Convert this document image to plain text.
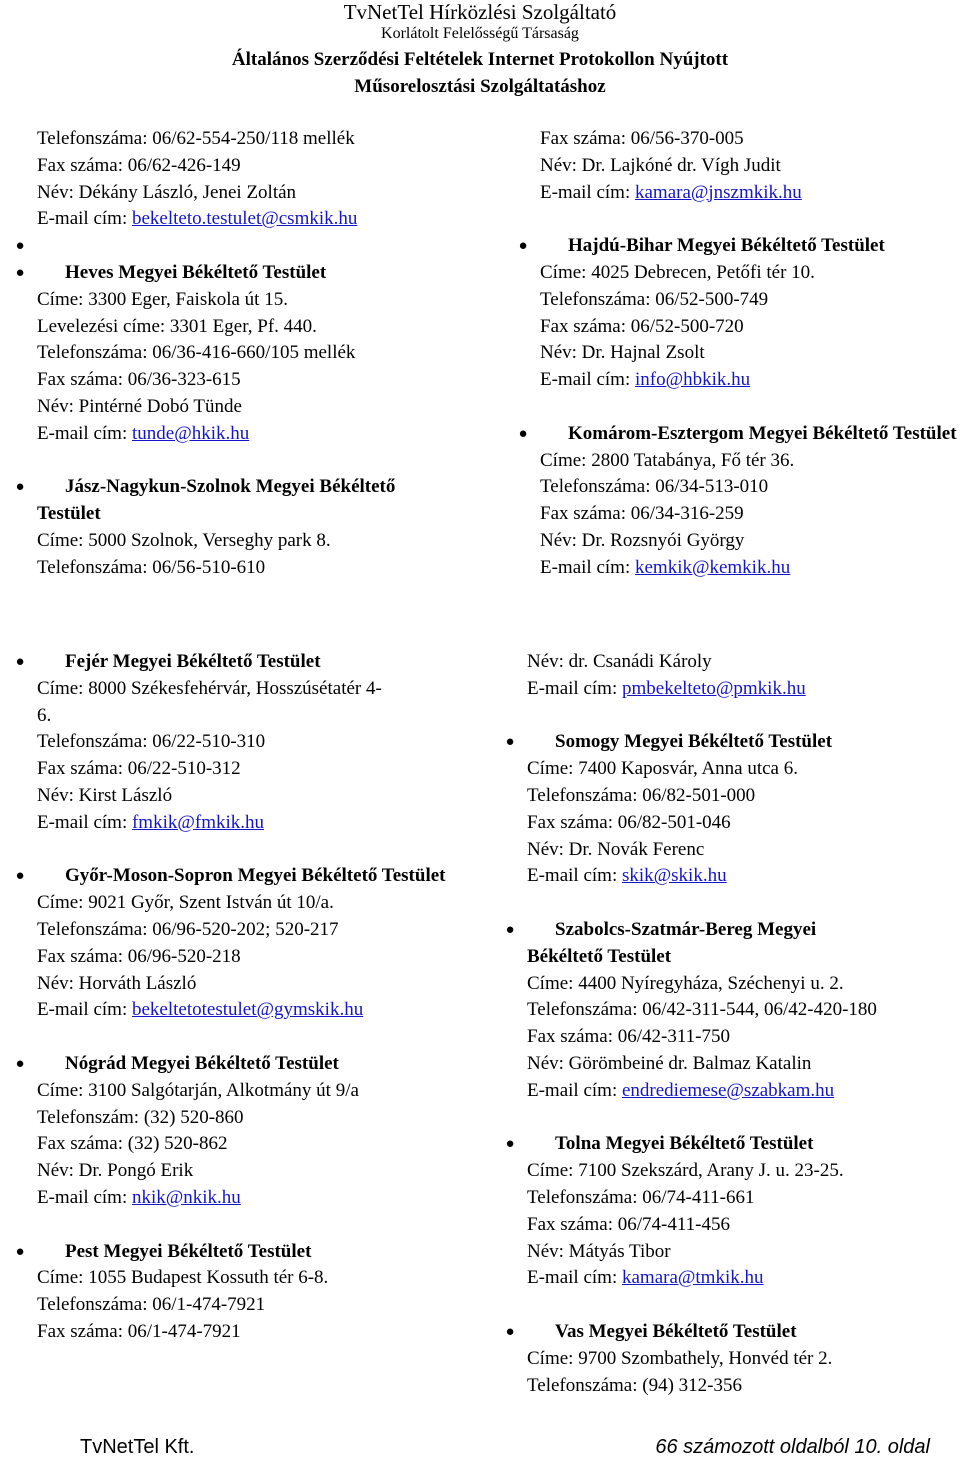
TvNetTel Hírközlési Szolgáltató
Korlátolt Felelősségű Társaság
Általános Szerződési Feltételek Internet Protokollon Nyújtott
Műsorelosztási Szolgáltatáshoz
Telefonszáma: 06/62-554-250/118 mellék
Fax száma: 06/62-426-149
Név: Dékány László, Jenei Zoltán
E-mail cím: bekelteto.testulet@csmkik.hu
●
●	Heves Megyei Békéltető Testület
Címe: 3300 Eger, Faiskola út 15.
Levelezési címe: 3301 Eger, Pf. 440.
Telefonszáma: 06/36-416-660/105 mellék
Fax száma: 06/36-323-615
Név: Pintérné Dobó Tünde
E-mail cím: tunde@hkik.hu
●	Jász-Nagykun-Szolnok Megyei Békéltető Testület
Címe: 5000 Szolnok, Verseghy park 8.
Telefonszáma: 06/56-510-610
Fax száma: 06/56-370-005
Név: Dr. Lajkóné dr. Vígh Judit
E-mail cím: kamara@jnszmkik.hu
●	Hajdú-Bihar Megyei Békéltető Testület
Címe: 4025 Debrecen, Petőfi tér 10.
Telefonszáma: 06/52-500-749
Fax száma: 06/52-500-720
Név: Dr. Hajnal Zsolt
E-mail cím: info@hbkik.hu
●	Komárom-Esztergom Megyei Békéltető Testület
Címe: 2800 Tatabánya, Fő tér 36.
Telefonszáma: 06/34-513-010
Fax száma: 06/34-316-259
Név: Dr. Rozsnyói György
E-mail cím: kemkik@kemkik.hu
●	Fejér Megyei Békéltető Testület
Címe: 8000 Székesfehérvár, Hosszúsétatér 4-
6.
Telefonszáma: 06/22-510-310
Fax száma: 06/22-510-312
Név: Kirst László
E-mail cím: fmkik@fmkik.hu
●	Győr-Moson-Sopron Megyei Békéltető Testület
Címe: 9021 Győr, Szent István út 10/a.
Telefonszáma: 06/96-520-202; 520-217
Fax száma: 06/96-520-218
Név: Horváth László
E-mail cím: bekeltetotestulet@gymskik.hu
●	Nógrád Megyei Békéltető Testület
Címe: 3100 Salgótarján, Alkotmány út 9/a
Telefonszám: (32) 520-860
Fax száma: (32) 520-862
Név: Dr. Pongó Erik
E-mail cím: nkik@nkik.hu
●	Pest Megyei Békéltető Testület
Címe: 1055 Budapest Kossuth tér 6-8.
Telefonszáma: 06/1-474-7921
Fax száma: 06/1-474-7921
Név: dr. Csanádi Károly
E-mail cím: pmbekelteto@pmkik.hu
●	Somogy Megyei Békéltető Testület
Címe: 7400 Kaposvár, Anna utca 6.
Telefonszáma: 06/82-501-000
Fax száma: 06/82-501-046
Név: Dr. Novák Ferenc
E-mail cím: skik@skik.hu
●	Szabolcs-Szatmár-Bereg Megyei Békéltető Testület
Címe: 4400 Nyíregyháza, Széchenyi u. 2.
Telefonszáma: 06/42-311-544, 06/42-420-180
Fax száma: 06/42-311-750
Név: Görömbeiné dr. Balmaz Katalin
E-mail cím: endrediemese@szabkam.hu
●	Tolna Megyei Békéltető Testület
Címe: 7100 Szekszárd, Arany J. u. 23-25.
Telefonszáma: 06/74-411-661
Fax száma: 06/74-411-456
Név: Mátyás Tibor
E-mail cím: kamara@tmkik.hu
●	Vas Megyei Békéltető Testület
Címe: 9700 Szombathely, Honvéd tér 2.
Telefonszáma: (94) 312-356
TvNetTel Kft.	66 számozott oldalból 10. oldal
